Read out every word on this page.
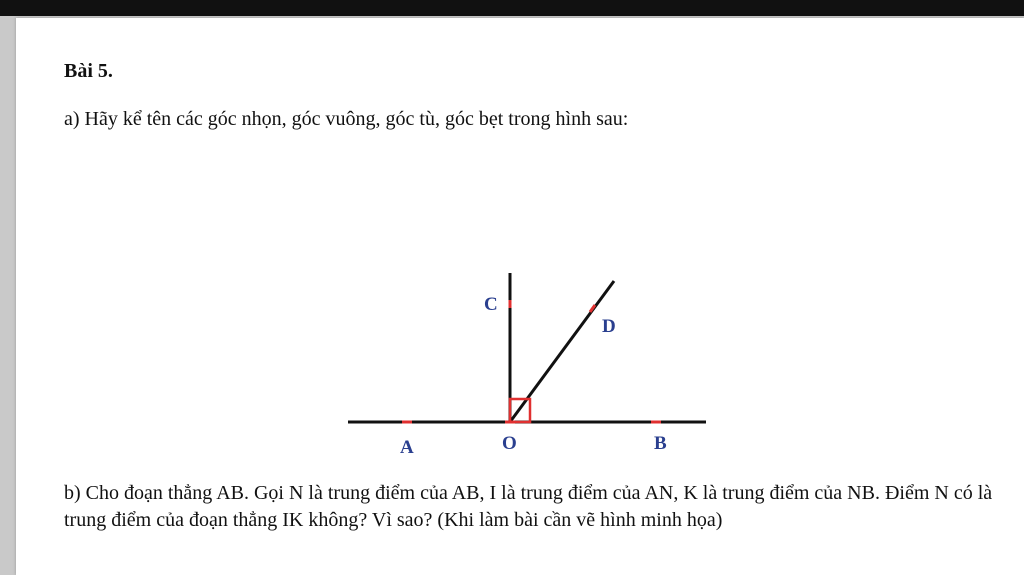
Bài 5.

a) Hãy kể tên các góc nhọn, góc vuông, góc tù, góc bẹt trong hình sau:

A	O	B
C
D

b) Cho đoạn thẳng AB. Gọi N là trung điểm của AB, I là trung điểm của AN, K là trung điểm của NB. Điểm N có là trung điểm của đoạn thẳng IK không? Vì sao? (Khi làm bài cần vẽ hình minh họa)
